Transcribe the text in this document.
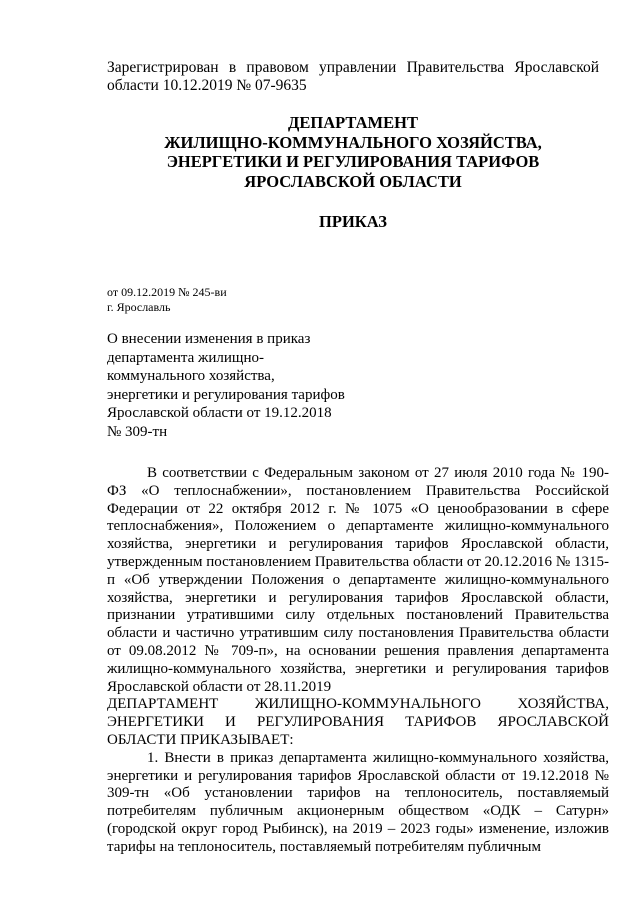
Зарегистрирован в правовом управлении Правительства Ярославской области 10.12.2019 № 07-9635
ДЕПАРТАМЕНТ
ЖИЛИЩНО-КОММУНАЛЬНОГО ХОЗЯЙСТВА,
ЭНЕРГЕТИКИ И РЕГУЛИРОВАНИЯ ТАРИФОВ
ЯРОСЛАВСКОЙ ОБЛАСТИ
ПРИКАЗ
от 09.12.2019 № 245-ви
г. Ярославль
О внесении изменения в приказ департамента жилищно-коммунального хозяйства, энергетики и регулирования тарифов Ярославской области от 19.12.2018 № 309-тн

В соответствии с Федеральным законом от 27 июля 2010 года № 190-ФЗ «О теплоснабжении», постановлением Правительства Российской Федерации от 22 октября 2012 г. № 1075 «О ценообразовании в сфере теплоснабжения», Положением о департаменте жилищно-коммунального хозяйства, энергетики и регулирования тарифов Ярославской области, утвержденным постановлением Правительства области от 20.12.2016 № 1315-п «Об утверждении Положения о департаменте жилищно-коммунального хозяйства, энергетики и регулирования тарифов Ярославской области, признании утратившими силу отдельных постановлений Правительства области и частично утратившим силу постановления Правительства области от 09.08.2012 № 709-п», на основании решения правления департамента жилищно-коммунального хозяйства, энергетики и регулирования тарифов Ярославской области от 28.11.2019

ДЕПАРТАМЕНТ ЖИЛИЩНО-КОММУНАЛЬНОГО ХОЗЯЙСТВА, ЭНЕРГЕТИКИ И РЕГУЛИРОВАНИЯ ТАРИФОВ ЯРОСЛАВСКОЙ ОБЛАСТИ ПРИКАЗЫВАЕТ:

1. Внести в приказ департамента жилищно-коммунального хозяйства, энергетики и регулирования тарифов Ярославской области от 19.12.2018 № 309-тн «Об установлении тарифов на теплоноситель, поставляемый потребителям публичным акционерным обществом «ОДК – Сатурн» (городской округ город Рыбинск), на 2019 – 2023 годы» изменение, изложив тарифы на теплоноситель, поставляемый потребителям публичным
